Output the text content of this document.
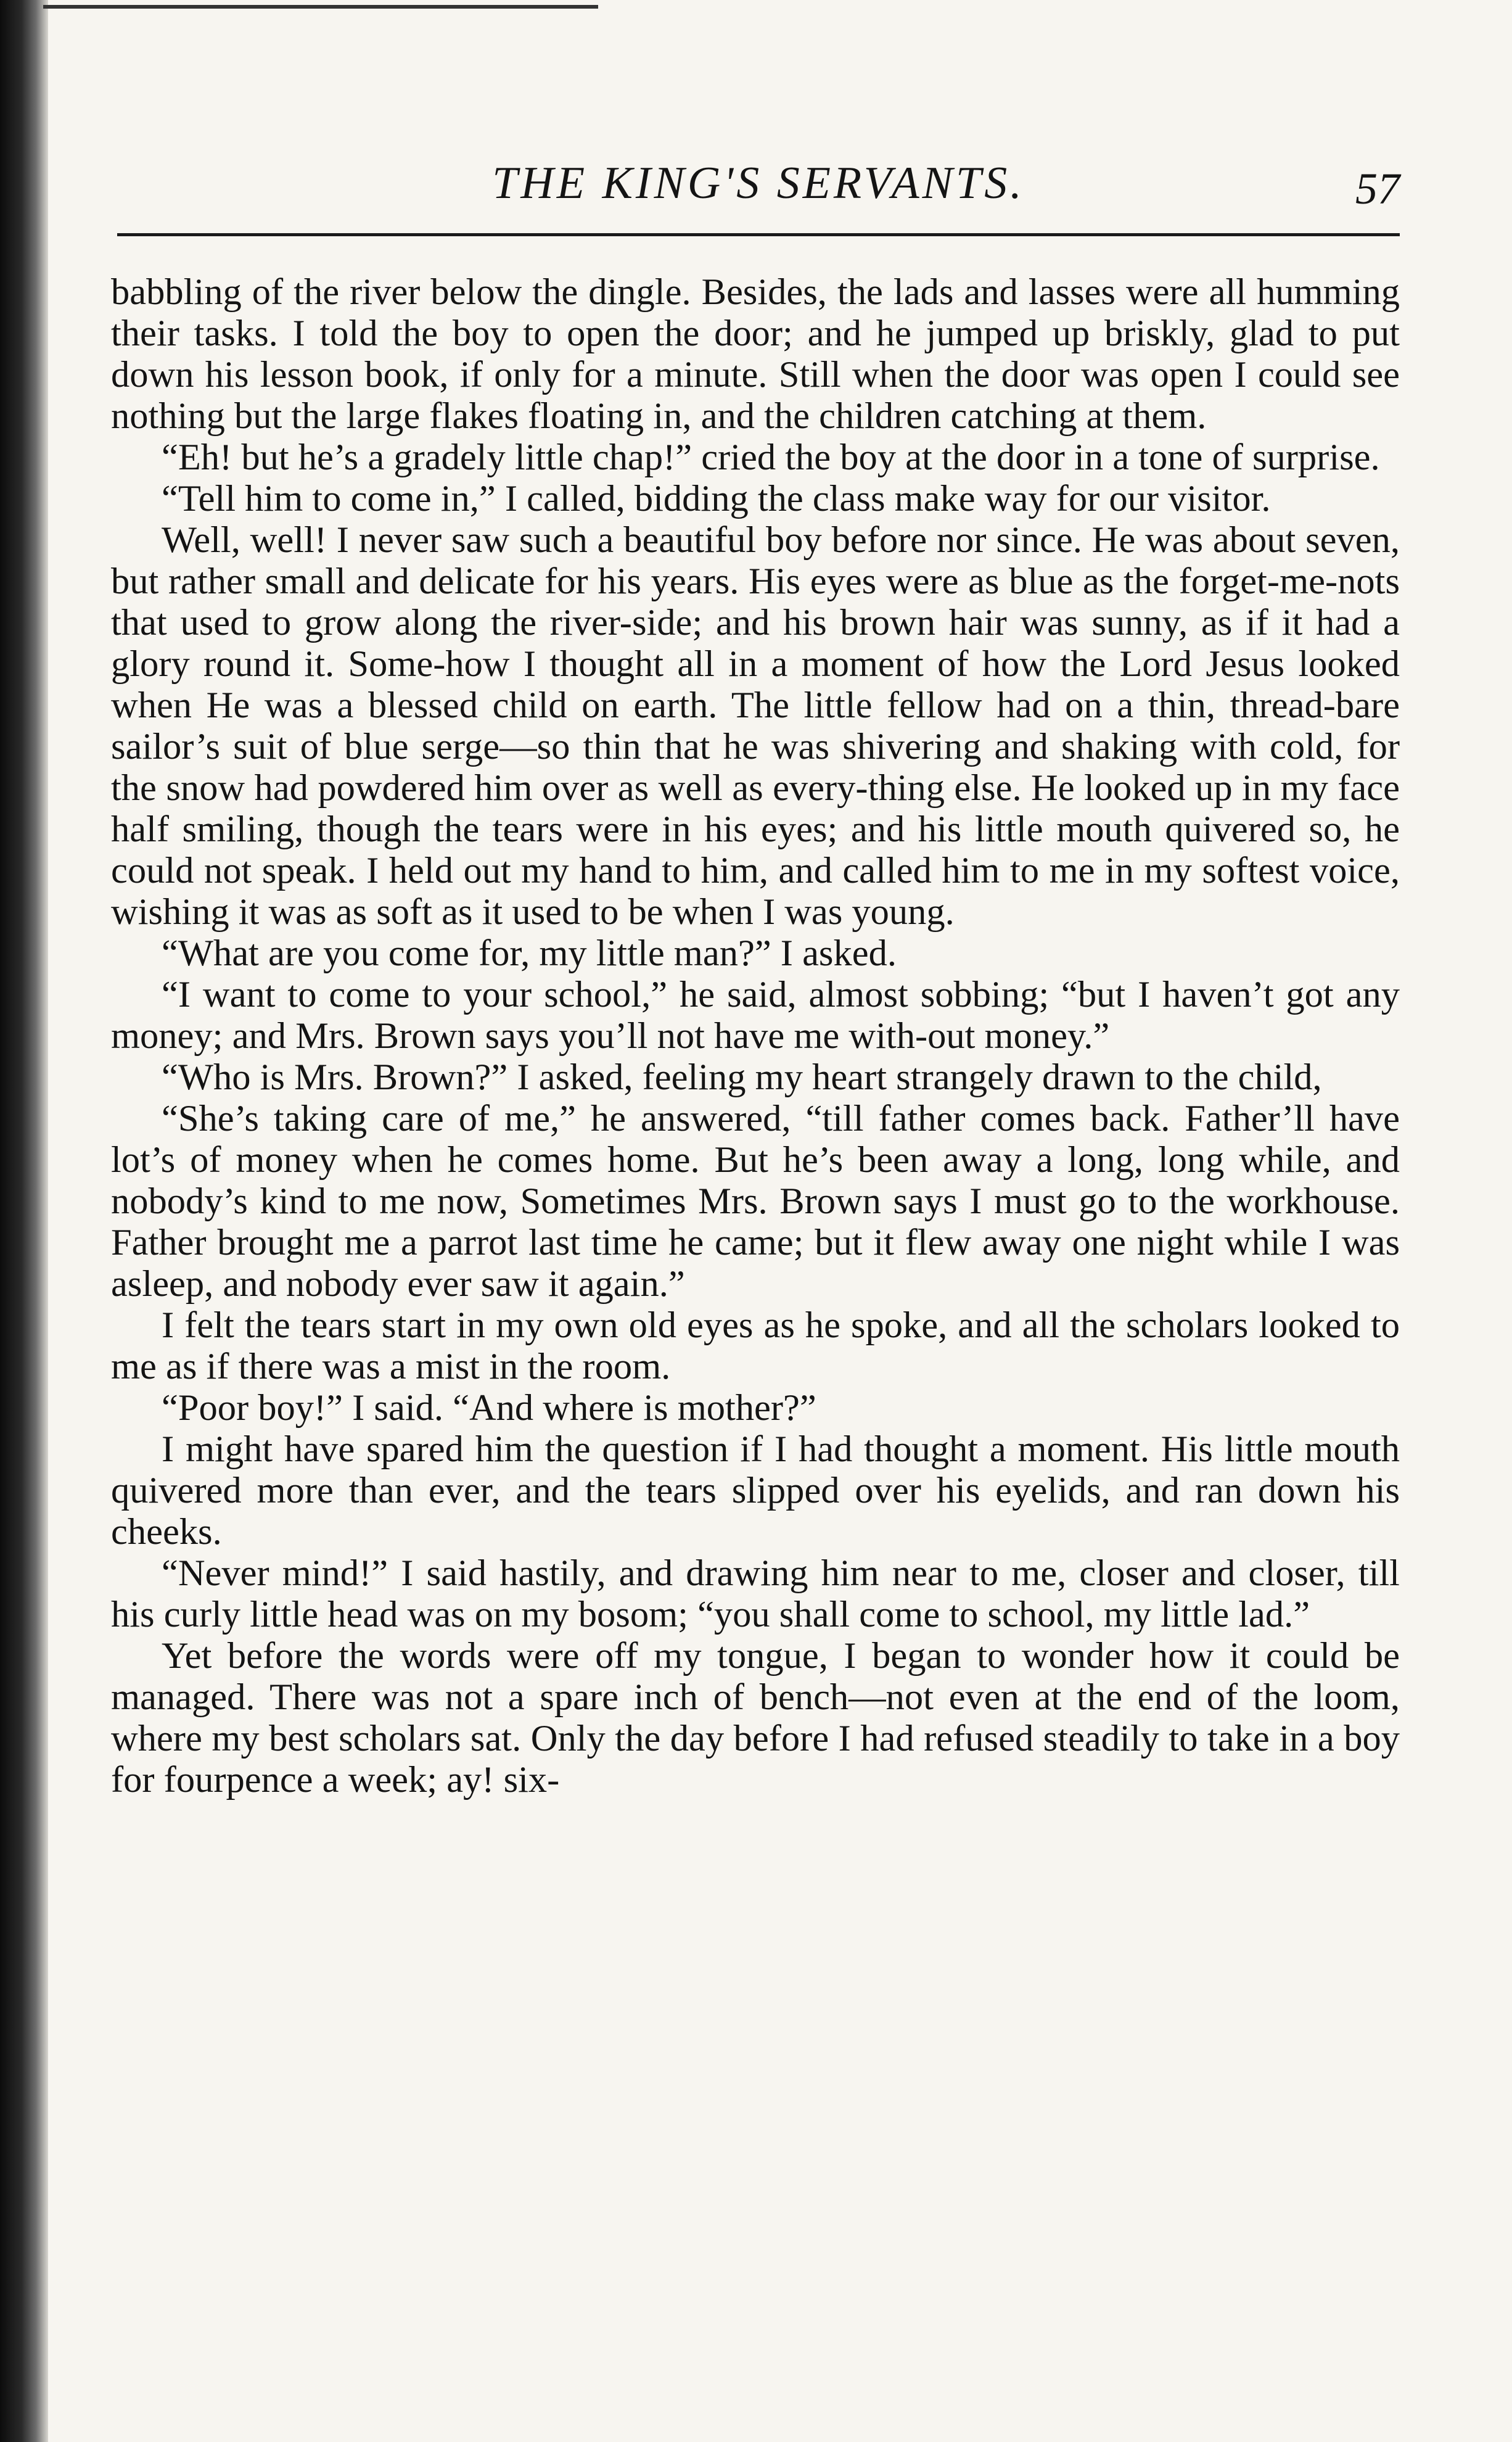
THE KING'S SERVANTS.	57

babbling of the river below the dingle. Besides, the lads and lasses were all humming their tasks. I told the boy to open the door; and he jumped up briskly, glad to put down his lesson book, if only for a minute. Still when the door was open I could see nothing but the large flakes floating in, and the children catching at them.

“Eh! but he’s a gradely little chap!” cried the boy at the door in a tone of surprise.

“Tell him to come in,” I called, bidding the class make way for our visitor.

Well, well! I never saw such a beautiful boy before nor since. He was about seven, but rather small and delicate for his years. His eyes were as blue as the forget-me-nots that used to grow along the river-side; and his brown hair was sunny, as if it had a glory round it. Some-how I thought all in a moment of how the Lord Jesus looked when He was a blessed child on earth. The little fellow had on a thin, thread-bare sailor’s suit of blue serge—so thin that he was shivering and shaking with cold, for the snow had powdered him over as well as every-thing else. He looked up in my face half smiling, though the tears were in his eyes; and his little mouth quivered so, he could not speak. I held out my hand to him, and called him to me in my softest voice, wishing it was as soft as it used to be when I was young.

“What are you come for, my little man?” I asked.

“I want to come to your school,” he said, almost sobbing; “but I haven’t got any money; and Mrs. Brown says you’ll not have me with-out money.”

“Who is Mrs. Brown?” I asked, feeling my heart strangely drawn to the child,

“She’s taking care of me,” he answered, “till father comes back. Father’ll have lot’s of money when he comes home. But he’s been away a long, long while, and nobody’s kind to me now, Sometimes Mrs. Brown says I must go to the workhouse. Father brought me a parrot last time he came; but it flew away one night while I was asleep, and nobody ever saw it again.”

I felt the tears start in my own old eyes as he spoke, and all the scholars looked to me as if there was a mist in the room.

“Poor boy!” I said. “And where is mother?”

I might have spared him the question if I had thought a moment. His little mouth quivered more than ever, and the tears slipped over his eyelids, and ran down his cheeks.

“Never mind!” I said hastily, and drawing him near to me, closer and closer, till his curly little head was on my bosom; “you shall come to school, my little lad.”

Yet before the words were off my tongue, I began to wonder how it could be managed. There was not a spare inch of bench—not even at the end of the loom, where my best scholars sat. Only the day before I had refused steadily to take in a boy for fourpence a week; ay! six-
